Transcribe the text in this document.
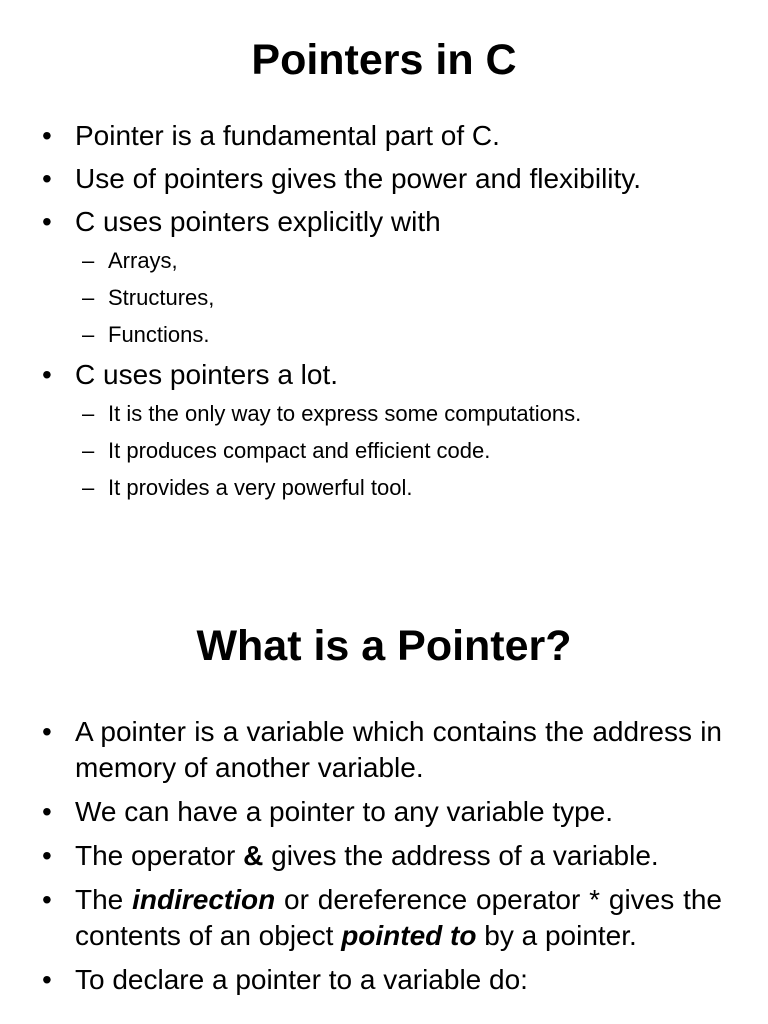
Pointers in C
• Pointer is a fundamental part of C.
• Use of pointers gives the power and flexibility.
• C uses pointers explicitly with
– Arrays,
– Structures,
– Functions.
• C uses pointers a lot.
– It is the only way to express some computations.
– It produces compact and efficient code.
– It provides a very powerful tool.
What is a Pointer?
• A pointer is a variable which contains the address in memory of another variable.
• We can have a pointer to any variable type.
• The operator & gives the address of a variable.
• The indirection or dereference operator * gives the contents of an object pointed to by a pointer.
• To declare a pointer to a variable do:
